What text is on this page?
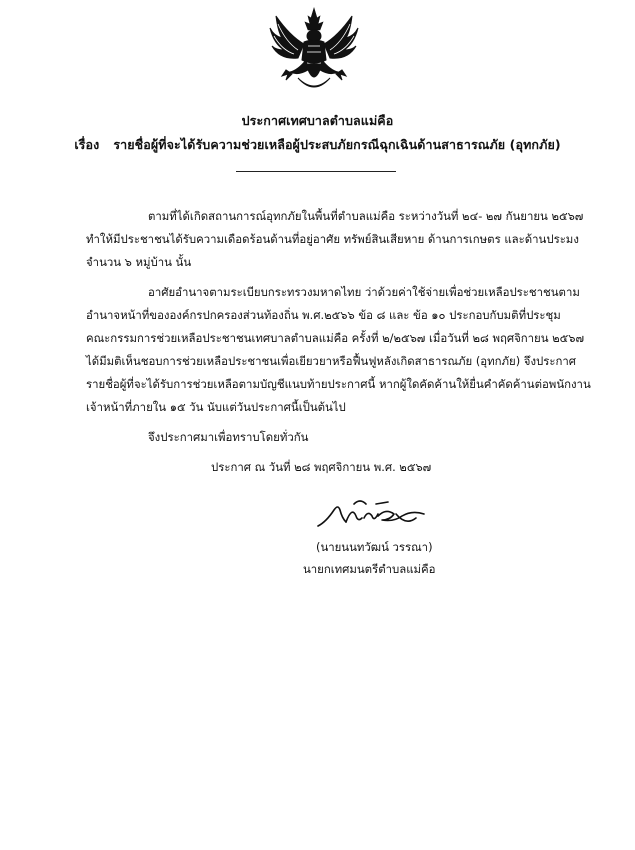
ประกาศเทศบาลตำบลแม่คือ
เรื่อง รายชื่อผู้ที่จะได้รับความช่วยเหลือผู้ประสบภัยกรณีฉุกเฉินด้านสาธารณภัย (อุทกภัย)
ตามที่ได้เกิดสถานการณ์อุทกภัยในพื้นที่ตำบลแม่คือ ระหว่างวันที่ ๒๔- ๒๗ กันยายน ๒๕๖๗
ทำให้มีประชาชนได้รับความเดือดร้อนด้านที่อยู่อาศัย ทรัพย์สินเสียหาย ด้านการเกษตร และด้านประมง
จำนวน ๖ หมู่บ้าน นั้น
อาศัยอำนาจตามระเบียบกระทรวงมหาดไทย ว่าด้วยค่าใช้จ่ายเพื่อช่วยเหลือประชาชนตาม
อำนาจหน้าที่ขององค์กรปกครองส่วนท้องถิ่น พ.ศ.๒๕๖๖ ข้อ ๘ และ ข้อ ๑๐ ประกอบกับมติที่ประชุม
คณะกรรมการช่วยเหลือประชาชนเทศบาลตำบลแม่คือ ครั้งที่ ๒/๒๕๖๗ เมื่อวันที่ ๒๘ พฤศจิกายน ๒๕๖๗
ได้มีมติเห็นชอบการช่วยเหลือประชาชนเพื่อเยียวยาหรือฟื้นฟูหลังเกิดสาธารณภัย (อุทกภัย) จึงประกาศ
รายชื่อผู้ที่จะได้รับการช่วยเหลือตามบัญชีแนบท้ายประกาศนี้ หากผู้ใดคัดค้านให้ยื่นคำคัดค้านต่อพนักงาน
เจ้าหน้าที่ภายใน ๑๕ วัน นับแต่วันประกาศนี้เป็นต้นไป
จึงประกาศมาเพื่อทราบโดยทั่วกัน
ประกาศ ณ วันที่ ๒๘ พฤศจิกายน พ.ศ. ๒๕๖๗
(นายนนทวัฒน์ วรรณา)
นายกเทศมนตรีตำบลแม่คือ
